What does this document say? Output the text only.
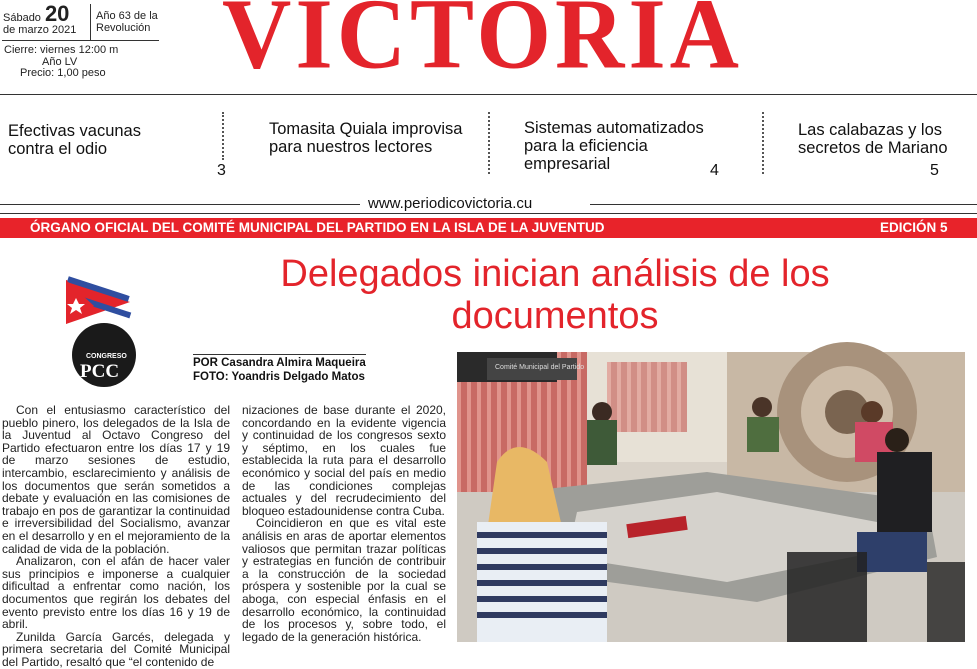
Sábado 20
de marzo 2021
Año 63 de la
Revolución
Cierre: viernes 12:00 m
Año LV
Precio: 1,00 peso	VICTORIA
Efectivas vacunas contra el odio
3
Tomasita Quiala improvisa para nuestros lectores
Sistemas automatizados para la eficiencia empresarial	4
Las calabazas y los secretos de Mariano
5
www.periodicovictoria.cu
ÓRGANO OFICIAL DEL COMITÉ MUNICIPAL DEL PARTIDO EN LA ISLA DE LA JUVENTUD	EDICIÓN 5
CONGRESO
PCC
Delegados inician análisis de los documentos
POR Casandra Almira Maqueira
FOTO: Yoandris Delgado Matos

Con el entusiasmo característico del pueblo pinero, los delegados de la Isla de la Juventud al Octavo Congreso del Partido efectuaron entre los días 17 y 19 de marzo sesiones de estudio, intercambio, esclarecimiento y análisis de los documentos que serán sometidos a debate y evaluación en las comisiones de trabajo en pos de garantizar la continuidad e irreversibilidad del Socialismo, avanzar en el desarrollo y en el mejoramiento de la calidad de vida de la población.

Analizaron, con el afán de hacer valer sus principios e imponerse a cualquier dificultad a enfrentar como nación, los documentos que regirán los debates del evento previsto entre los días 16 y 19 de abril.

Zunilda García Garcés, delegada y primera secretaria del Comité Municipal del Partido, resaltó que “el contenido de

nizaciones de base durante el 2020, concordando en la evidente vigencia y continuidad de los congresos sexto y séptimo, en los cuales fue establecida la ruta para el desarrollo económico y social del país en medio de las condiciones complejas actuales y del recrudecimiento del bloqueo estadounidense contra Cuba.

Coincidieron en que es vital este análisis en aras de aportar elementos valiosos que permitan trazar políticas y estrategias en función de contribuir a la construcción de la sociedad próspera y sostenible por la cual se aboga, con especial énfasis en el desarrollo económico, la continuidad de los procesos y, sobre todo, el legado de la generación histórica.

Comité Municipal del Partido
